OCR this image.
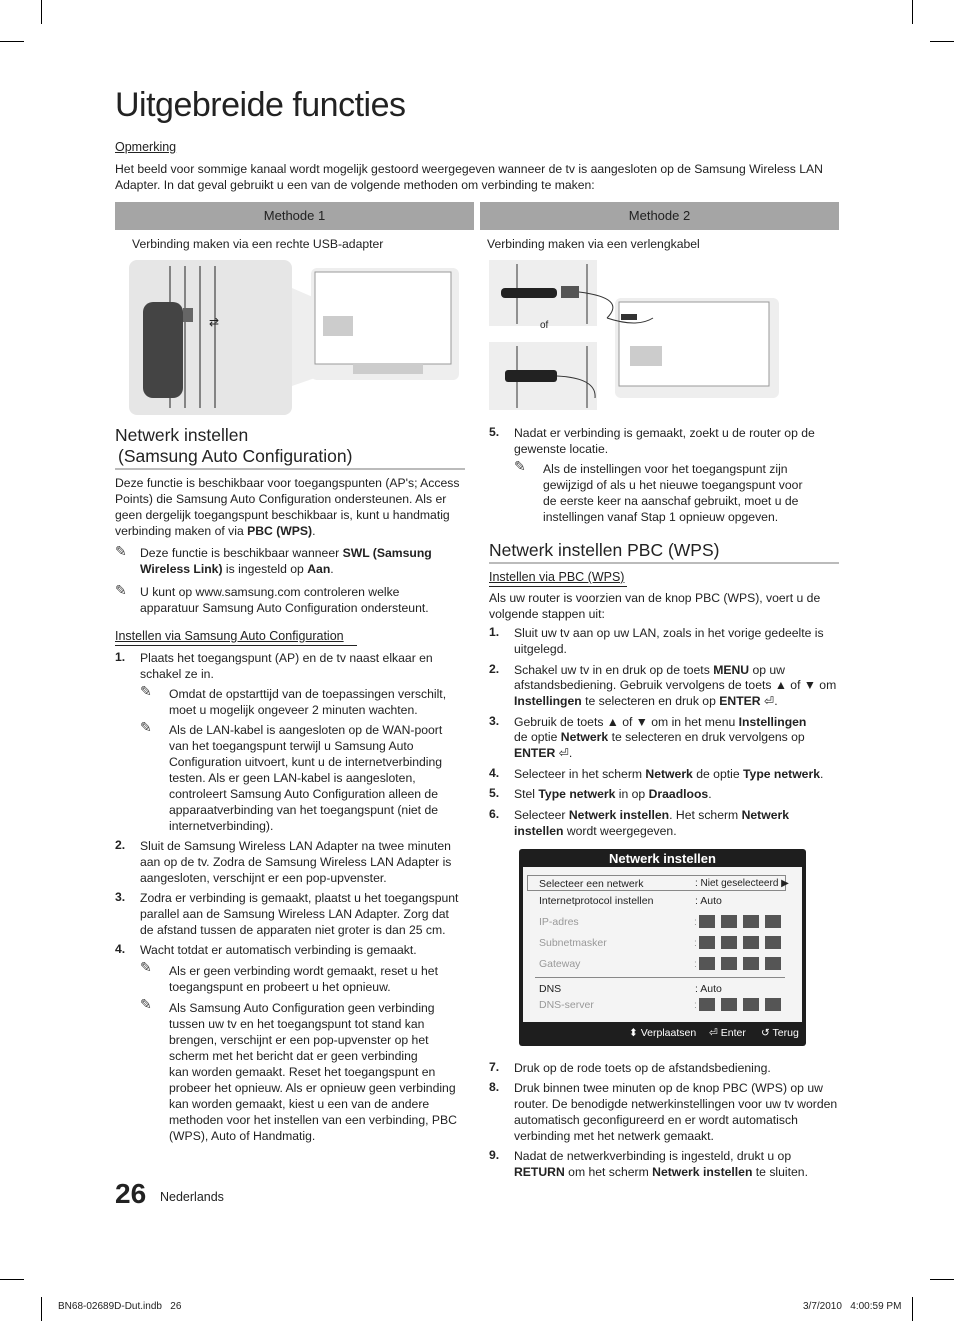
Uitgebreide functies
Opmerking
Het beeld voor sommige kanaal wordt mogelijk gestoord weergegeven wanneer de tv is aangesloten op de Samsung Wireless LAN
Adapter. In dat geval gebruikt u een van de volgende methoden om verbinding te maken:
Methode 1	Methode 2
Verbinding maken via een rechte USB-adapter	Verbinding maken via een verlengkabel
⇄	of
Netwerk instellen
(Samsung Auto Configuration)
Deze functie is beschikbaar voor toegangspunten (AP's; Access
Points) die Samsung Auto Configuration ondersteunen. Als er
geen dergelijk toegangspunt beschikbaar is, kunt u handmatig
verbinding maken of via PBC (WPS).
✎ Deze functie is beschikbaar wanneer SWL (Samsung
Wireless Link) is ingesteld op Aan.
✎ U kunt op www.samsung.com controleren welke
apparatuur Samsung Auto Configuration ondersteunt.
Instellen via Samsung Auto Configuration
1. Plaats het toegangspunt (AP) en de tv naast elkaar en
schakel ze in.
✎ Omdat de opstarttijd van de toepassingen verschilt,
moet u mogelijk ongeveer 2 minuten wachten.
✎ Als de LAN-kabel is aangesloten op de WAN-poort
van het toegangspunt terwijl u Samsung Auto
Configuration uitvoert, kunt u de internetverbinding
testen. Als er geen LAN-kabel is aangesloten,
controleert Samsung Auto Configuration alleen de
apparaatverbinding van het toegangspunt (niet de
internetverbinding).
2. Sluit de Samsung Wireless LAN Adapter na twee minuten
aan op de tv. Zodra de Samsung Wireless LAN Adapter is
aangesloten, verschijnt er een pop-upvenster.
3. Zodra er verbinding is gemaakt, plaatst u het toegangspunt
parallel aan de Samsung Wireless LAN Adapter. Zorg dat
de afstand tussen de apparaten niet groter is dan 25 cm.
4. Wacht totdat er automatisch verbinding is gemaakt.
✎ Als er geen verbinding wordt gemaakt, reset u het
toegangspunt en probeert u het opnieuw.
✎ Als Samsung Auto Configuration geen verbinding
tussen uw tv en het toegangspunt tot stand kan
brengen, verschijnt er een pop-upvenster op het
scherm met het bericht dat er geen verbinding
kan worden gemaakt. Reset het toegangspunt en
probeer het opnieuw. Als er opnieuw geen verbinding
kan worden gemaakt, kiest u een van de andere
methoden voor het instellen van een verbinding, PBC
(WPS), Auto of Handmatig.
5. Nadat er verbinding is gemaakt, zoekt u de router op de
gewenste locatie.
✎ Als de instellingen voor het toegangspunt zijn
gewijzigd of als u het nieuwe toegangspunt voor
de eerste keer na aanschaf gebruikt, moet u de
instellingen vanaf Stap 1 opnieuw opgeven.
Netwerk instellen PBC (WPS)
Instellen via PBC (WPS)
Als uw router is voorzien van de knop PBC (WPS), voert u de
volgende stappen uit:
1. Sluit uw tv aan op uw LAN, zoals in het vorige gedeelte is
uitgelegd.
2. Schakel uw tv in en druk op de toets MENU op uw
afstandsbediening. Gebruik vervolgens de toets ▲ of ▼ om
Instellingen te selecteren en druk op ENTER ⏎.
3. Gebruik de toets ▲ of ▼ om in het menu Instellingen
de optie Netwerk te selecteren en druk vervolgens op
ENTER ⏎.
4. Selecteer in het scherm Netwerk de optie Type netwerk.
5. Stel Type netwerk in op Draadloos.
6. Selecteer Netwerk instellen. Het scherm Netwerk
instellen wordt weergegeven.
Netwerk instellen
Selecteer een netwerk	: Niet geselecteerd ▶
Internetprotocol instellen	: Auto
IP-adres	:
Subnetmasker	:
Gateway	:
DNS	: Auto
DNS-server	:
⬍ Verplaatsen ⏎ Enter ↺ Terug
7. Druk op de rode toets op de afstandsbediening.
8. Druk binnen twee minuten op de knop PBC (WPS) op uw
router. De benodigde netwerkinstellingen voor uw tv worden
automatisch geconfigureerd en er wordt automatisch
verbinding met het netwerk gemaakt.
9. Nadat de netwerkverbinding is ingesteld, drukt u op
RETURN om het scherm Netwerk instellen te sluiten.
26 Nederlands
BN68-02689D-Dut.indb   26	3/7/2010   4:00:59 PM
